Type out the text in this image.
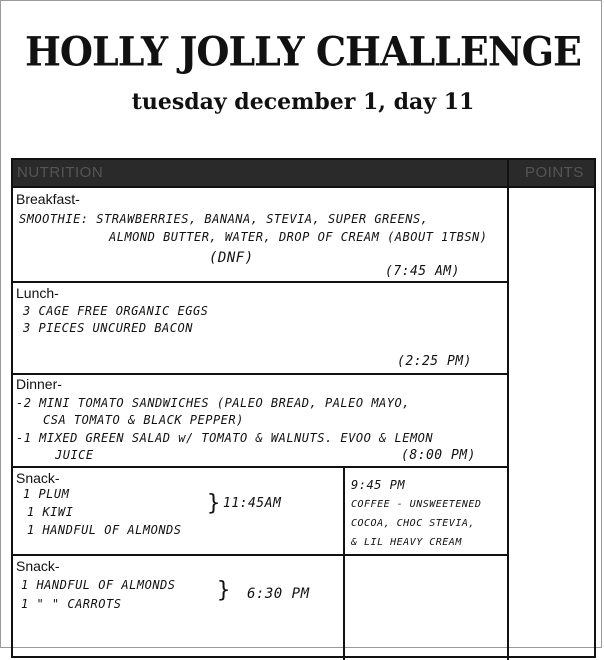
HOLLY JOLLY CHALLENGE
tuesday december 1, day 11
NUTRITION	POINTS
Breakfast-
SMOOTHIE: STRAWBERRIES, BANANA, STEVIA, SUPER GREENS,
ALMOND BUTTER, WATER, DROP OF CREAM (ABOUT 1TBSN)
(DNF)
(7:45 AM)
Lunch-
3 CAGE FREE ORGANIC EGGS
3 PIECES UNCURED BACON
(2:25 PM)
Dinner-
-2 MINI TOMATO SANDWICHES (PALEO BREAD, PALEO MAYO,
CSA TOMATO & BLACK PEPPER)
-1 MIXED GREEN SALAD w/ TOMATO & WALNUTS. EVOO & LEMON
JUICE	(8:00 PM)
Snack-
1 PLUM
1 KIWI
1 HANDFUL OF ALMONDS
} 11:45AM
9:45 PM
COFFEE - UNSWEETENED
COCOA, CHOC STEVIA,
& LIL HEAVY CREAM
Snack-
1 HANDFUL OF ALMONDS
1 " " CARROTS
} 6:30 PM
